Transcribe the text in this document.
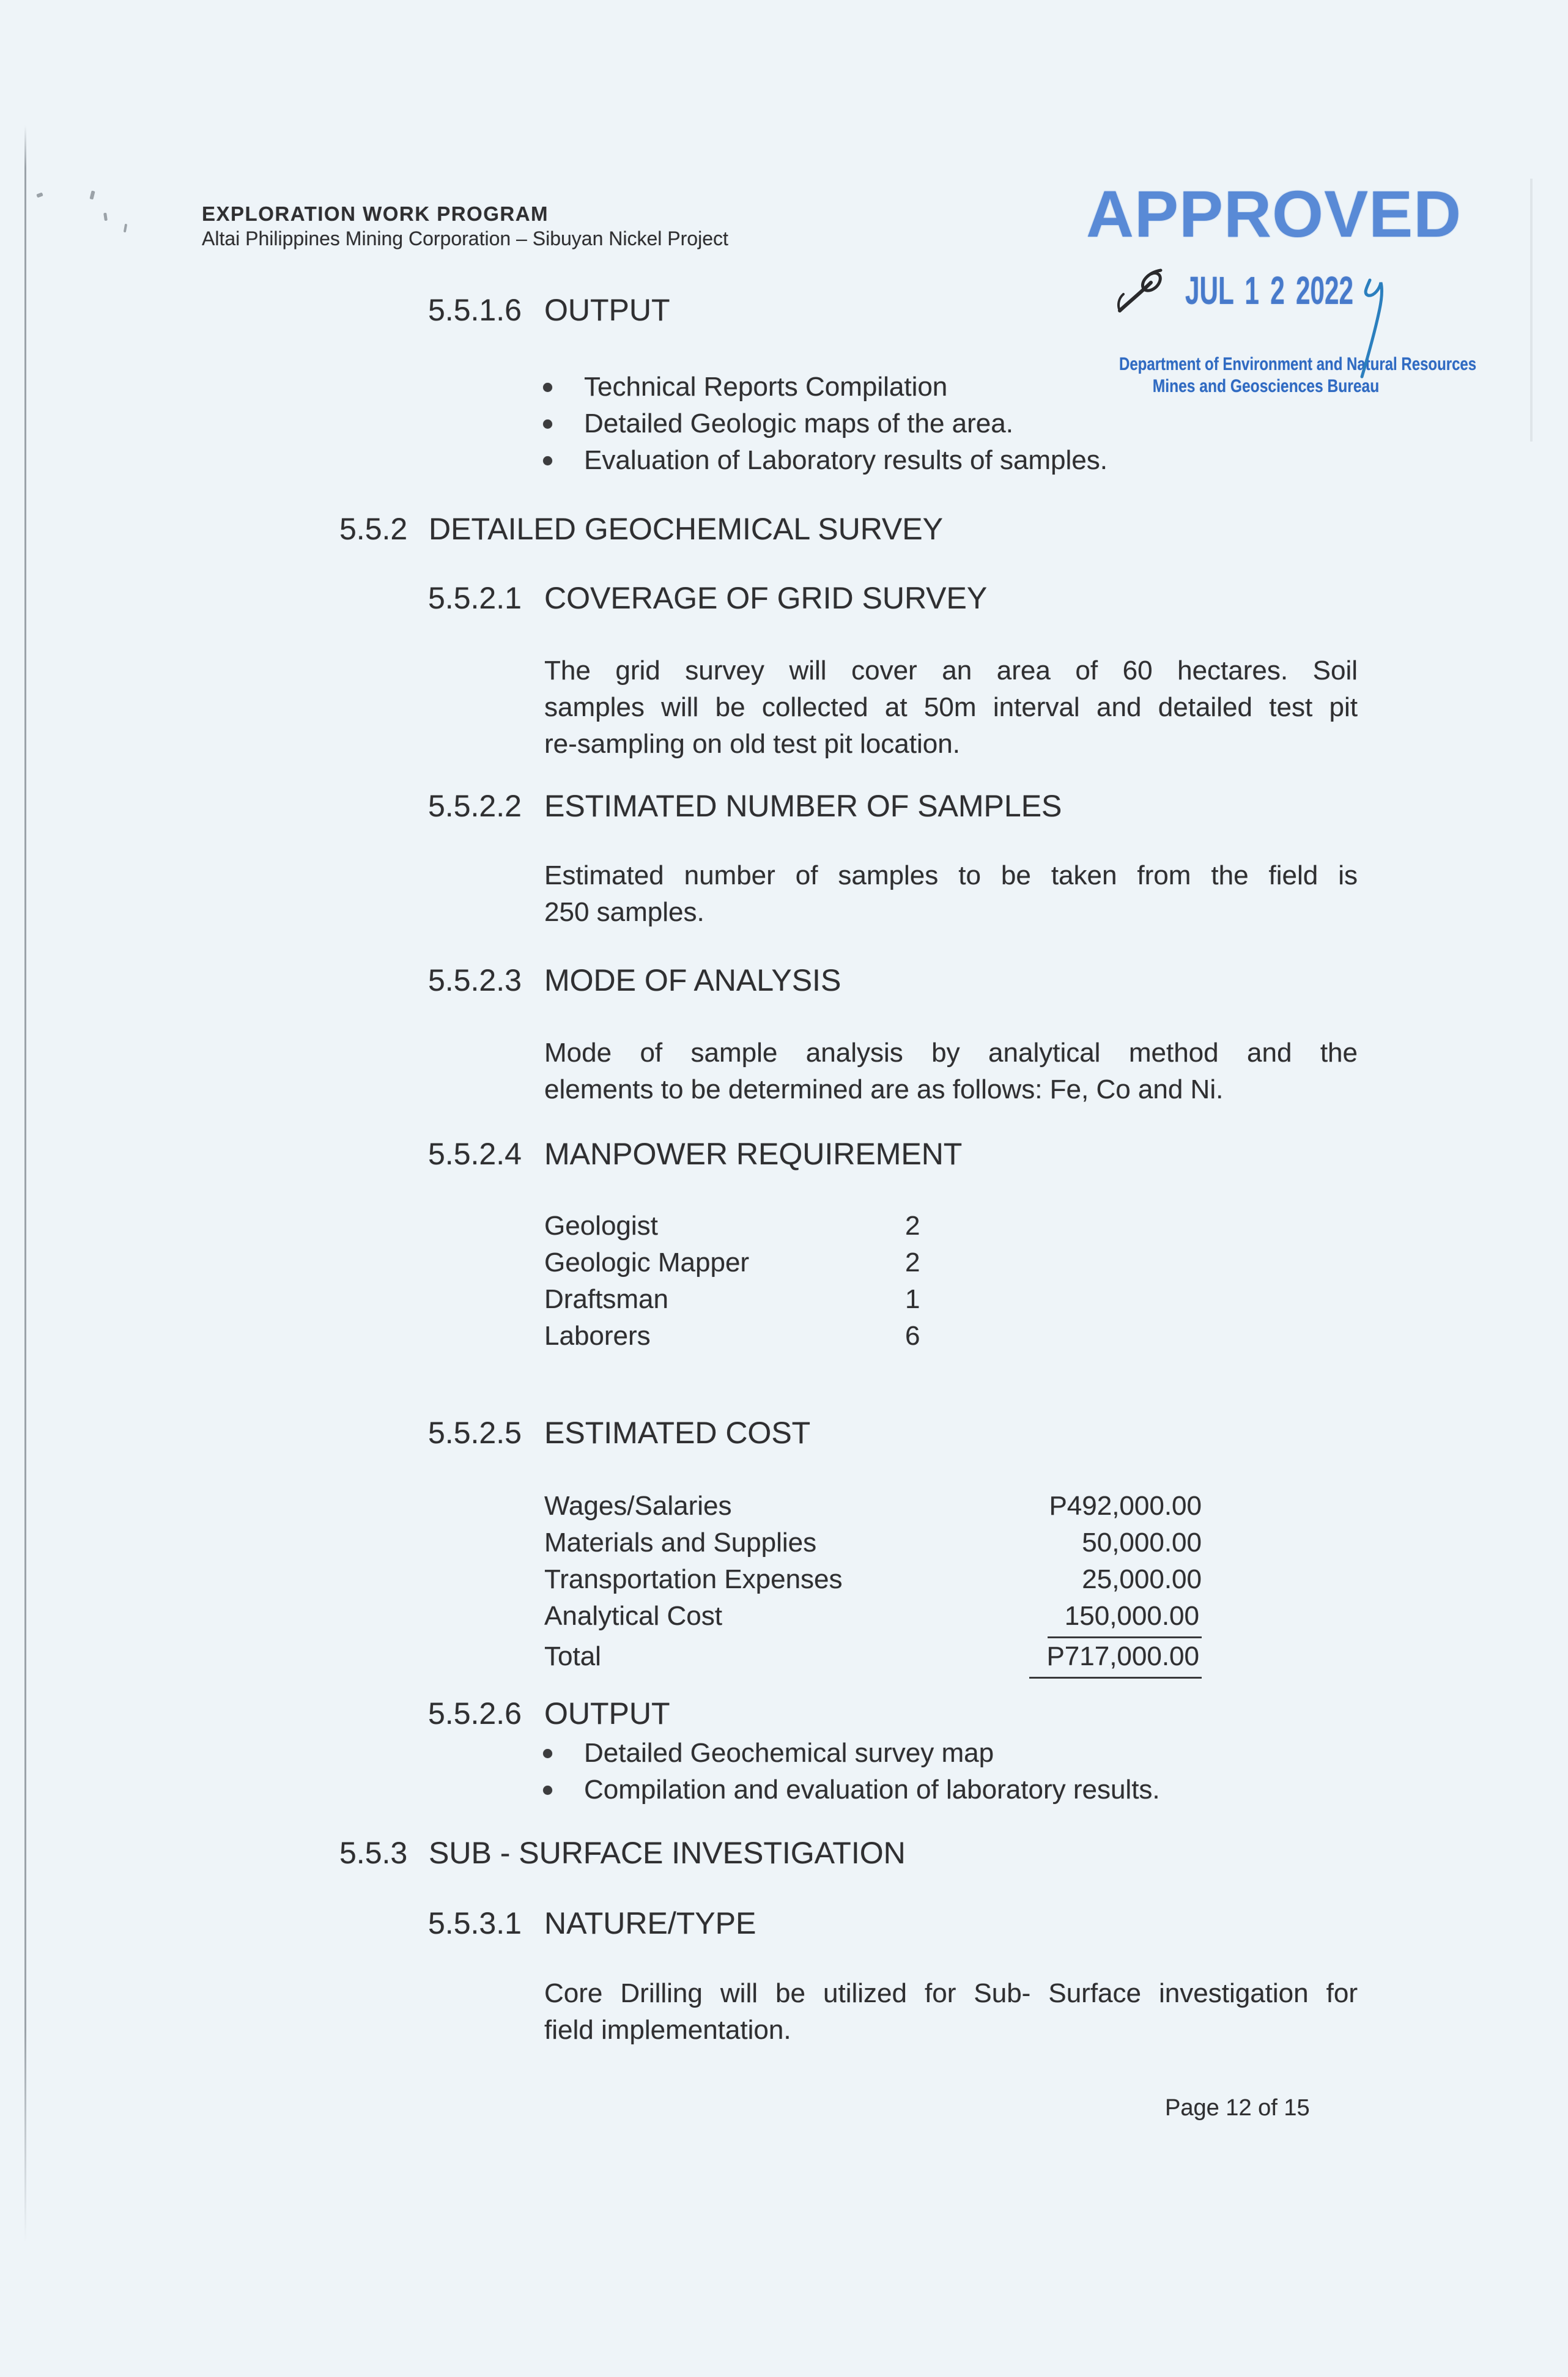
EXPLORATION WORK PROGRAM
Altai Philippines Mining Corporation – Sibuyan Nickel Project	APPROVED
JUL 1 2 2022
Department of Environment and Natural Resources
Mines and Geosciences Bureau
5.5.1.6 OUTPUT
Technical Reports Compilation
Detailed Geologic maps of the area.
Evaluation of Laboratory results of samples.
5.5.2 DETAILED GEOCHEMICAL SURVEY
5.5.2.1 COVERAGE OF GRID SURVEY
The grid survey will cover an area of 60 hectares. Soil
samples will be collected at 50m interval and detailed test pit
re-sampling on old test pit location.
5.5.2.2 ESTIMATED NUMBER OF SAMPLES
Estimated number of samples to be taken from the field is
250 samples.
5.5.2.3 MODE OF ANALYSIS
Mode of sample analysis by analytical method and the
elements to be determined are as follows: Fe, Co and Ni.
5.5.2.4 MANPOWER REQUIREMENT
Geologist	2
Geologic Mapper	2
Draftsman	1
Laborers	6
5.5.2.5 ESTIMATED COST
Wages/Salaries	P492,000.00
Materials and Supplies	50,000.00
Transportation Expenses	25,000.00
Analytical Cost	150,000.00
Total	P717,000.00
5.5.2.6 OUTPUT
Detailed Geochemical survey map
Compilation and evaluation of laboratory results.
5.5.3 SUB - SURFACE INVESTIGATION
5.5.3.1 NATURE/TYPE
Core Drilling will be utilized for Sub- Surface investigation for
field implementation.
Page 12 of 15
